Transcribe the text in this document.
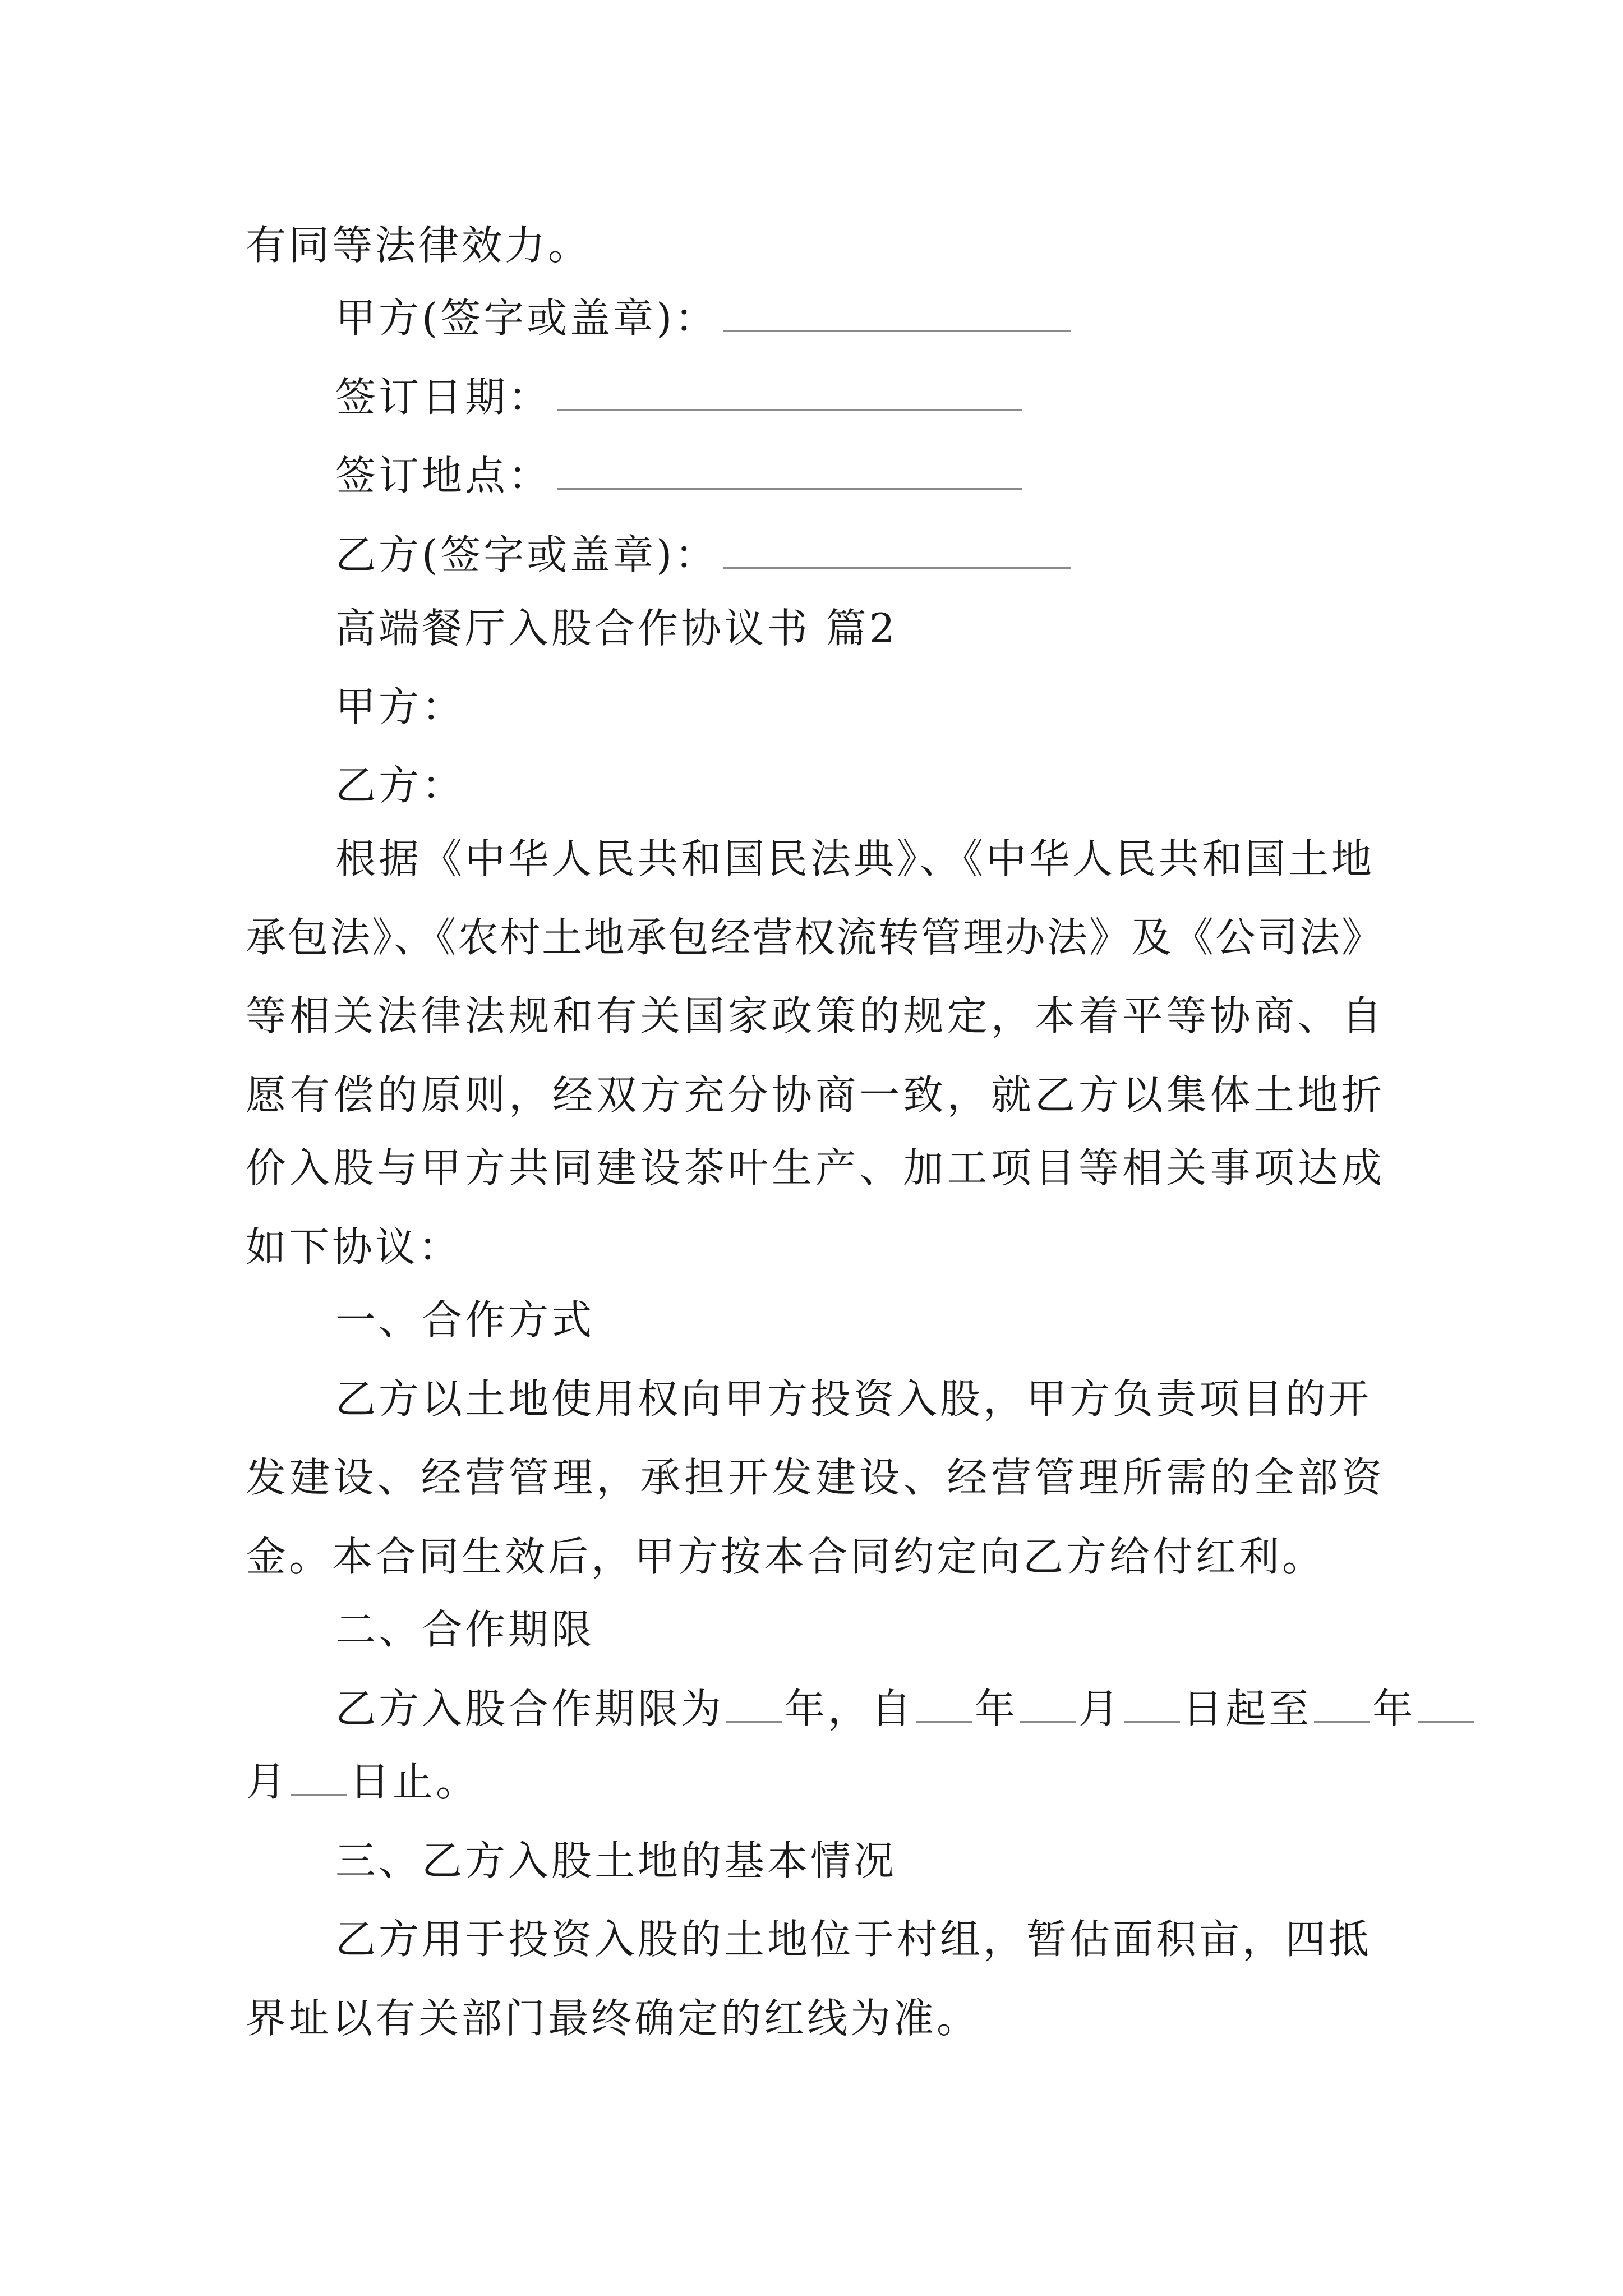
有同等法律效力。
甲方(签字或盖章)：
签订日期：
签订地点：
乙方(签字或盖章)：
高端餐厅入股合作协议书 篇2
甲方：
乙方：
根据《中华人民共和国民法典》、《中华人民共和国土地
承包法》、《农村土地承包经营权流转管理办法》及《公司法》
等相关法律法规和有关国家政策的规定，本着平等协商、自
愿有偿的原则，经双方充分协商一致，就乙方以集体土地折
价入股与甲方共同建设茶叶生产、加工项目等相关事项达成
如下协议：
一、合作方式
乙方以土地使用权向甲方投资入股，甲方负责项目的开
发建设、经营管理，承担开发建设、经营管理所需的全部资
金。本合同生效后，甲方按本合同约定向乙方给付红利。
二、合作期限
乙方入股合作期限为 年，自 年 月 日起至 年
月 日止。
三、乙方入股土地的基本情况
乙方用于投资入股的土地位于村组，暂估面积亩，四抵
界址以有关部门最终确定的红线为准。
